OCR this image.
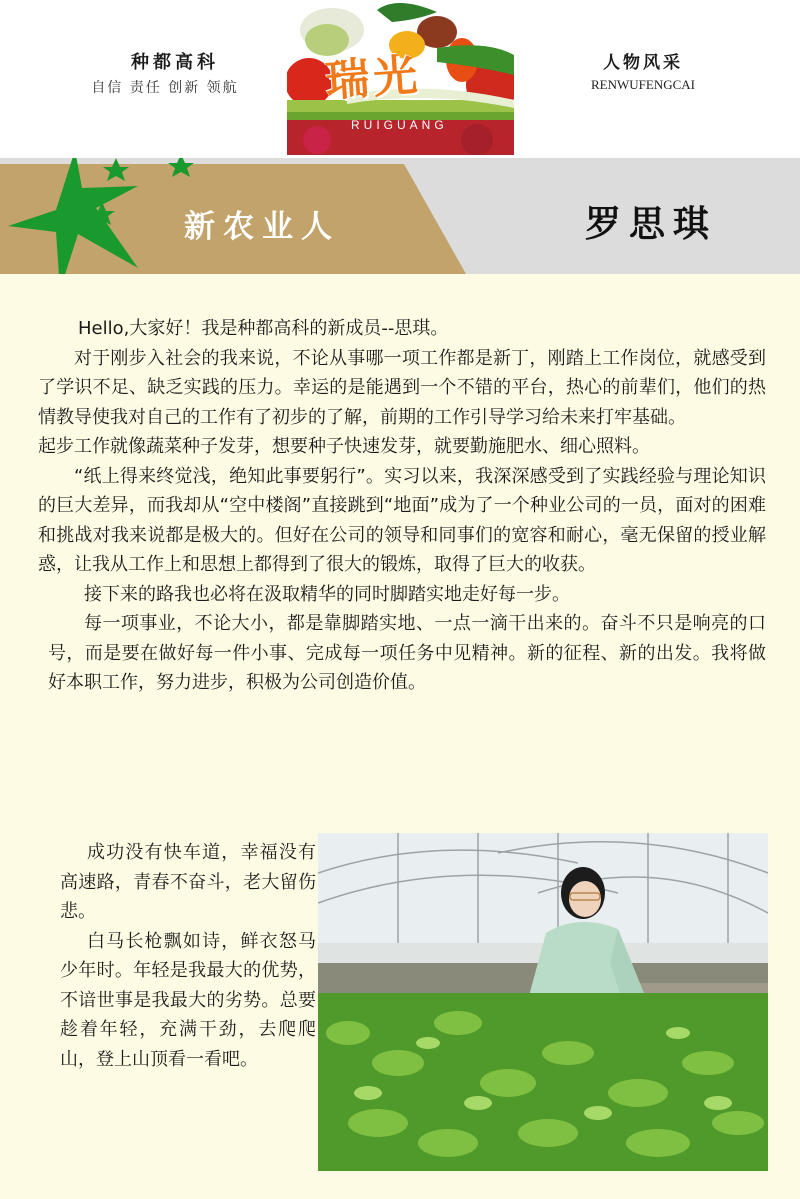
种都高科
自信 责任 创新 领航 瑞光
RUIGUANG
人物风采
RENWUFENGCAI
新农业人	罗思琪

Hello,大家好！我是种都高科的新成员--思琪。

对于刚步入社会的我来说，不论从事哪一项工作都是新丁，刚踏上工作岗位，就感受到了学识不足、缺乏实践的压力。幸运的是能遇到一个不错的平台，热心的前辈们，他们的热情教导使我对自己的工作有了初步的了解，前期的工作引导学习给未来打牢基础。

起步工作就像蔬菜种子发芽，想要种子快速发芽，就要勤施肥水、细心照料。

“纸上得来终觉浅，绝知此事要躬行”。实习以来，我深深感受到了实践经验与理论知识的巨大差异，而我却从“空中楼阁”直接跳到“地面”成为了一个种业公司的一员，面对的困难和挑战对我来说都是极大的。但好在公司的领导和同事们的宽容和耐心，毫无保留的授业解惑，让我从工作上和思想上都得到了很大的锻炼，取得了巨大的收获。

接下来的路我也必将在汲取精华的同时脚踏实地走好每一步。

每一项事业，不论大小，都是靠脚踏实地、一点一滴干出来的。奋斗不只是响亮的口号，而是要在做好每一件小事、完成每一项任务中见精神。新的征程、新的出发。我将做好本职工作，努力进步，积极为公司创造价值。

成功没有快车道，幸福没有高速路，青春不奋斗，老大留伤悲。

白马长枪飘如诗，鲜衣怒马少年时。年轻是我最大的优势，不谙世事是我最大的劣势。总要趁着年轻，充满干劲，去爬爬山，登上山顶看一看吧。
